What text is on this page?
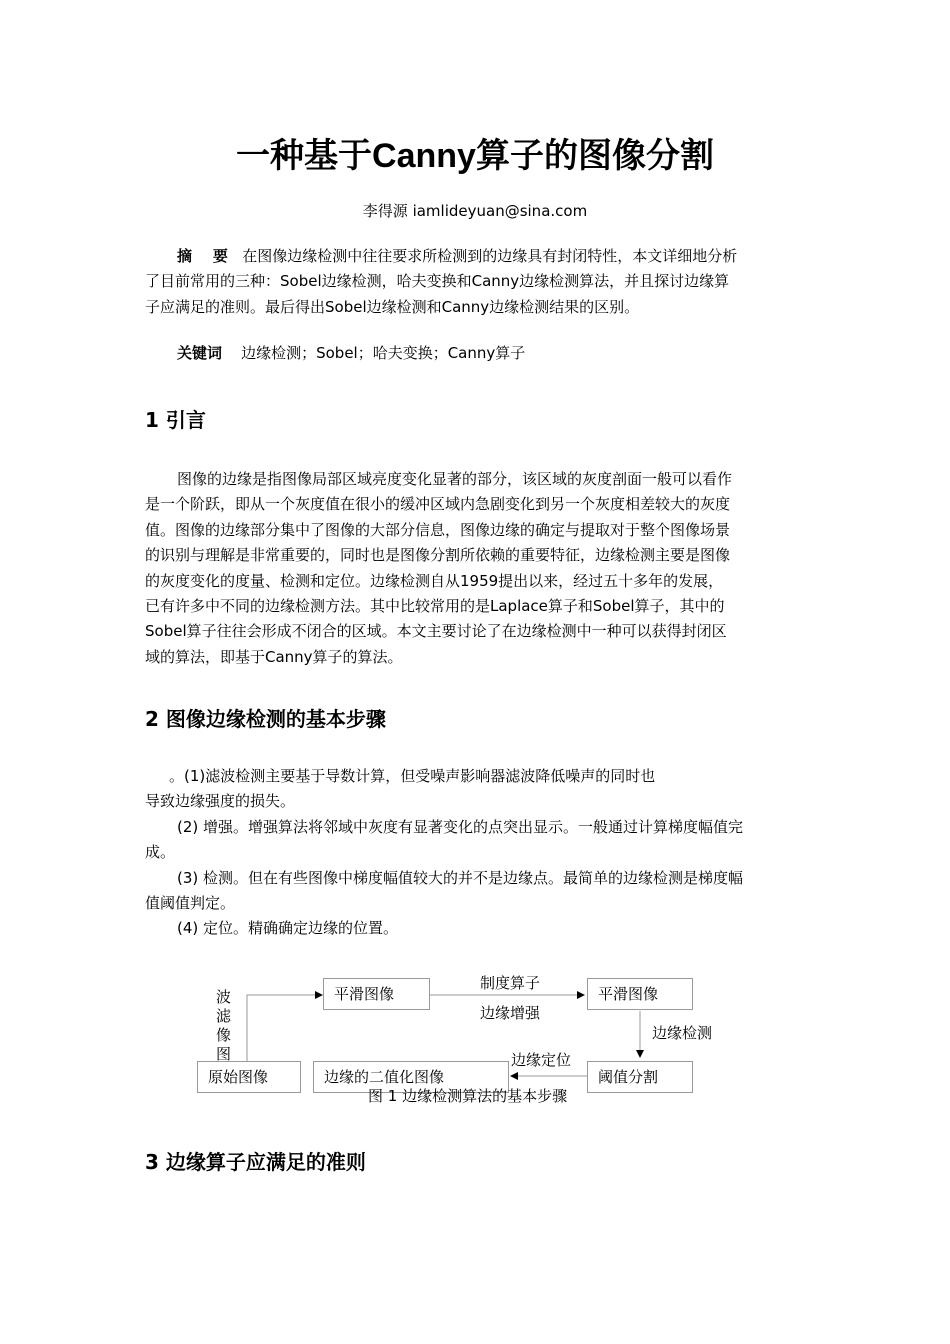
一种基于Canny算子的图像分割
李得源 iamlideyuan@sina.com
摘    要 在图像边缘检测中往往要求所检测到的边缘具有封闭特性，本文详细地分析
了目前常用的三种：Sobel边缘检测，哈夫变换和Canny边缘检测算法，并且探讨边缘算
子应满足的准则。最后得出Sobel边缘检测和Canny边缘检测结果的区别。
关键词 边缘检测；Sobel；哈夫变换；Canny算子
1 引言
图像的边缘是指图像局部区域亮度变化显著的部分，该区域的灰度剖面一般可以看作
是一个阶跃，即从一个灰度值在很小的缓冲区域内急剧变化到另一个灰度相差较大的灰度
值。图像的边缘部分集中了图像的大部分信息，图像边缘的确定与提取对于整个图像场景
的识别与理解是非常重要的，同时也是图像分割所依赖的重要特征，边缘检测主要是图像
的灰度变化的度量、检测和定位。边缘检测自从1959提出以来，经过五十多年的发展，
已有许多中不同的边缘检测方法。其中比较常用的是Laplace算子和Sobel算子，其中的
Sobel算子往往会形成不闭合的区域。本文主要讨论了在边缘检测中一种可以获得封闭区
域的算法，即基于Canny算子的算法。
2 图像边缘检测的基本步骤
。(1)滤波检测主要基于导数计算，但受噪声影响器滤波降低噪声的同时也
导致边缘强度的损失。
(2) 增强。增强算法将邻域中灰度有显著变化的点突出显示。一般通过计算梯度幅值完
成。
(3) 检测。但在有些图像中梯度幅值较大的并不是边缘点。最简单的边缘检测是梯度幅
值阈值判定。
(4) 定位。精确确定边缘的位置。
原始图像
平滑图像	平滑图像
阈值分割
边缘的二值化图像
波滤像图
制度算子
边缘增强
边缘检测
边缘定位
图 1 边缘检测算法的基本步骤
3 边缘算子应满足的准则
